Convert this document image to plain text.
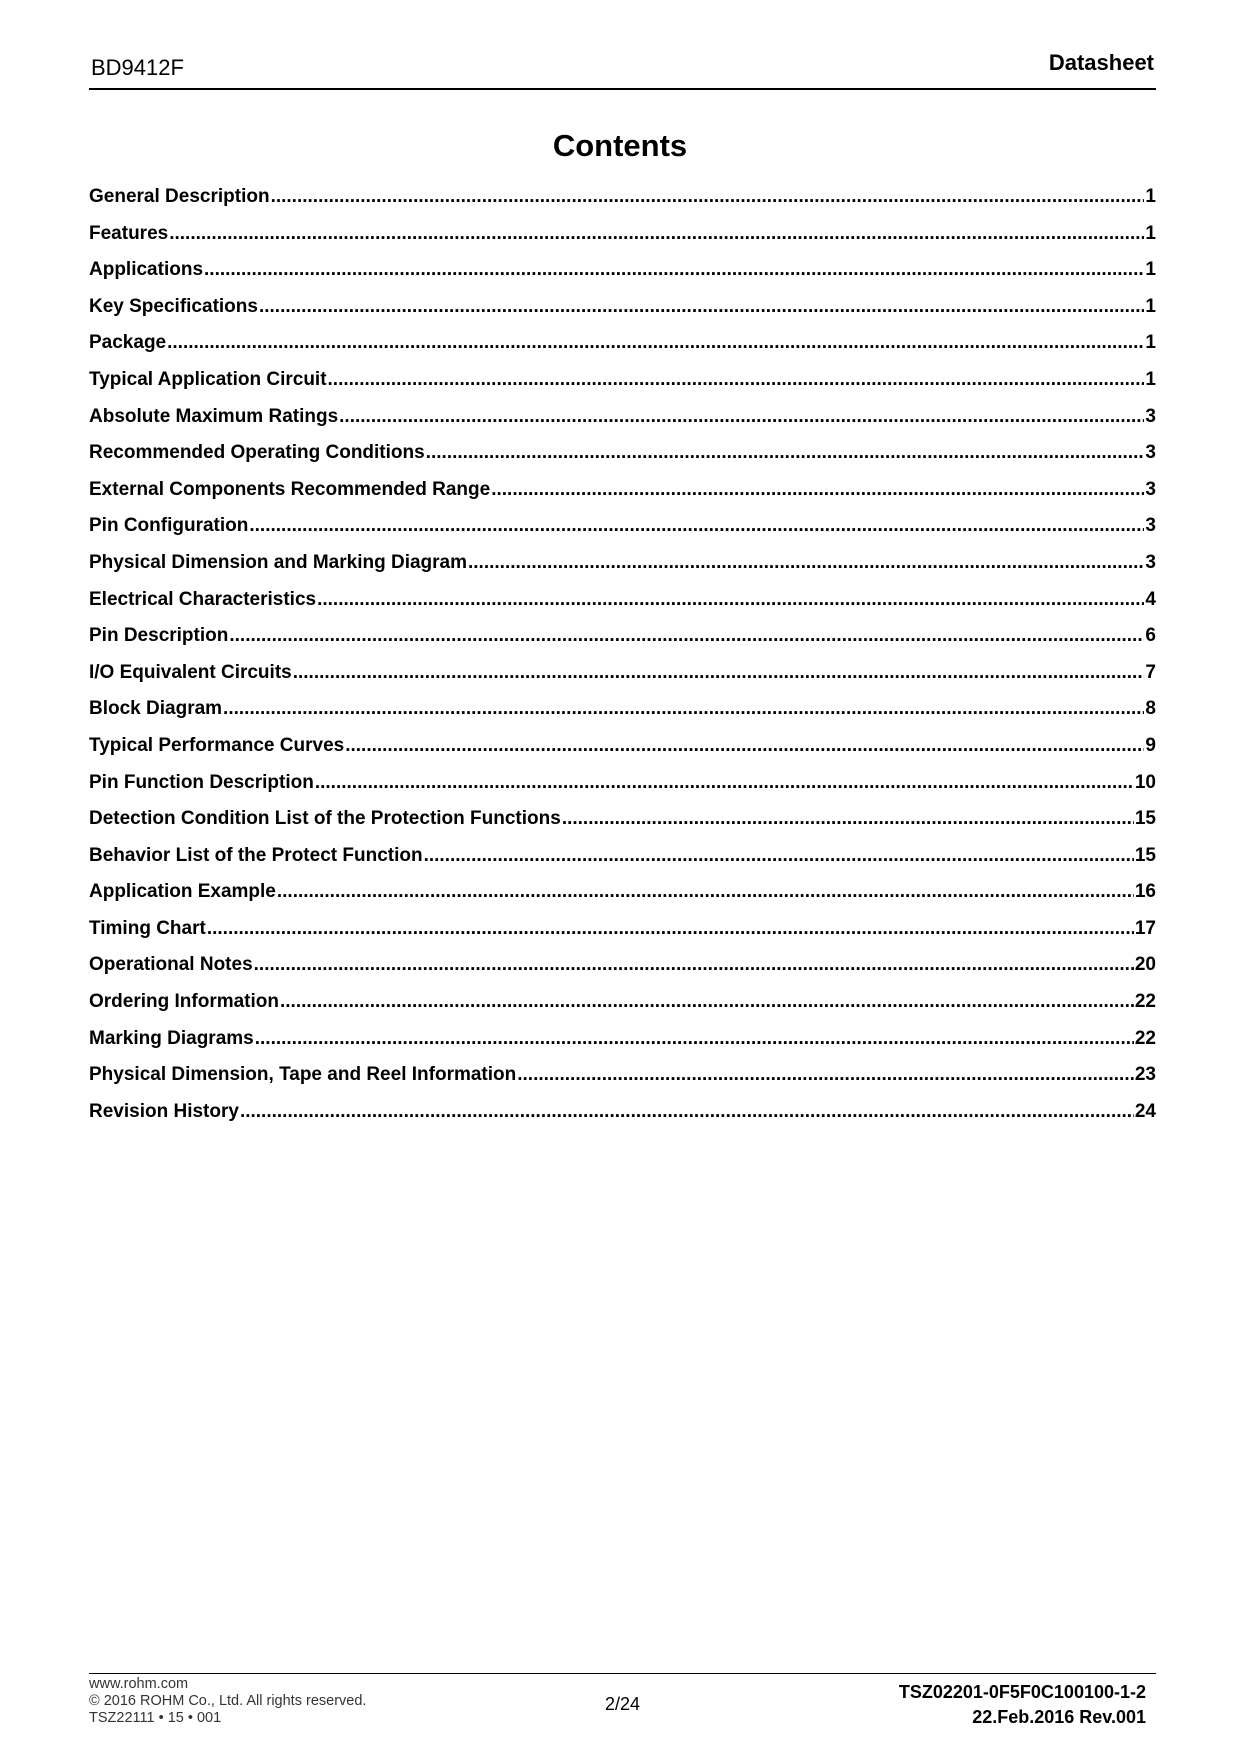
BD9412F	Datasheet
Contents
General Description .....	1
Features .....	1
Applications .....	1
Key Specifications .....	1
Package .....	1
Typical Application Circuit .....	1
Absolute Maximum Ratings .....	3
Recommended Operating Conditions .....	3
External Components Recommended Range .....	3
Pin Configuration .....	3
Physical Dimension and Marking Diagram .....	3
Electrical Characteristics .....	4
Pin Description .....	6
I/O Equivalent Circuits .....	7
Block Diagram .....	8
Typical Performance Curves .....	9
Pin Function Description .....	10
Detection Condition List of the Protection Functions .....	15
Behavior List of the Protect Function .....	15
Application Example .....	16
Timing Chart .....	17
Operational Notes .....	20
Ordering Information .....	22
Marking Diagrams .....	22
Physical Dimension, Tape and Reel Information .....	23
Revision History .....	24
www.rohm.com
© 2016 ROHM Co., Ltd. All rights reserved.
TSZ22111 • 15 • 001
2/24
TSZ02201-0F5F0C100100-1-2
22.Feb.2016 Rev.001
